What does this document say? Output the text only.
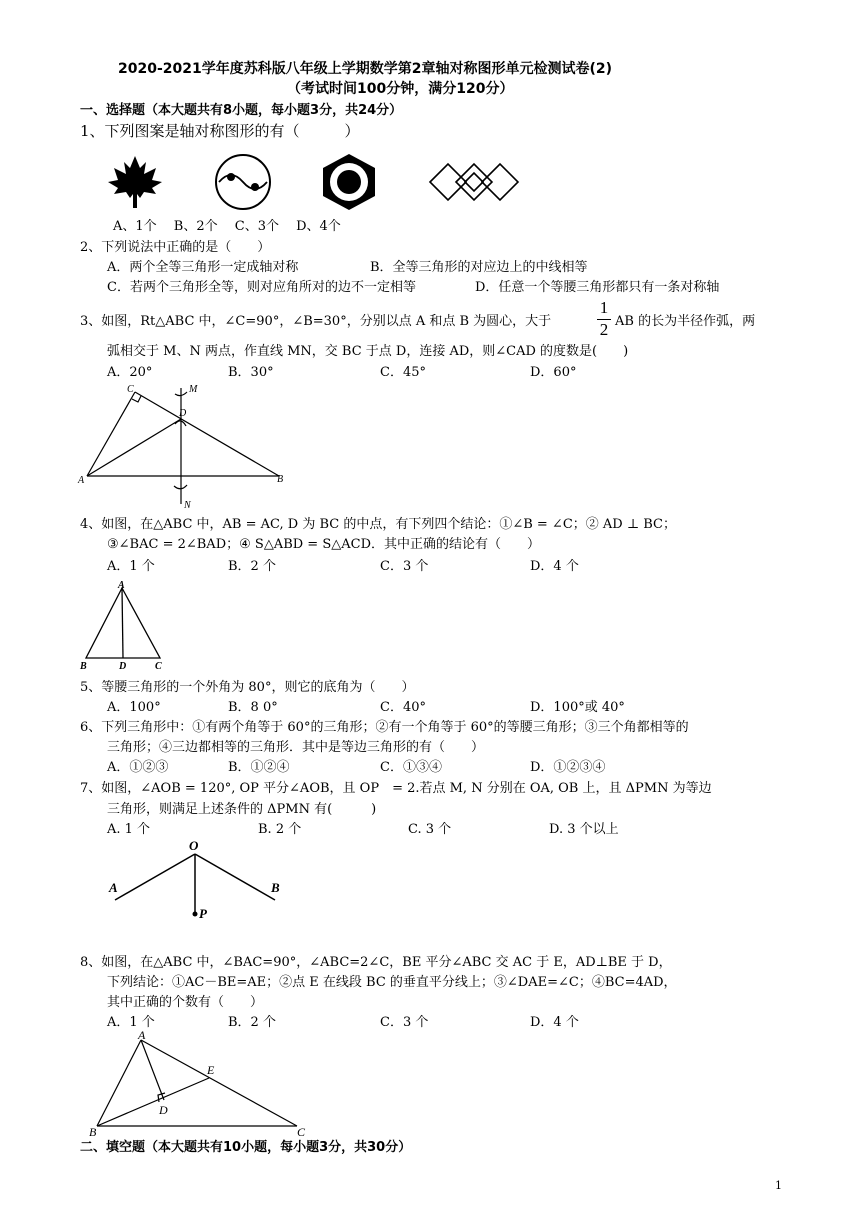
2020-2021学年度苏科版八年级上学期数学第2章轴对称图形单元检测试卷(2)
（考试时间100分钟，满分120分）
一、选择题（本大题共有8小题，每小题3分，共24分）
1、下列图案是轴对称图形的有（　　　）
A、1个　 B、2个　 C、3个　 D、4个
2、下列说法中正确的是（　　）
A．两个全等三角形一定成轴对称	B．全等三角形的对应边上的中线相等
C．若两个三角形全等，则对应角所对的边不一定相等	D．任意一个等腰三角形都只有一条对称轴
3、如图，Rt△ABC 中，∠C=90°，∠B=30°，分别以点 A 和点 B 为圆心，大于
1
2 AB 的长为半径作弧，两
弧相交于 M、N 两点，作直线 MN，交 BC 于点 D，连接 AD，则∠CAD 的度数是(　　)
A．20°	B．30°	C．45°	D．60°
C	M
D
A	B
N
4、如图，在△ABC 中，AB = AC, D 为 BC 的中点，有下列四个结论：①∠B = ∠C；② AD ⊥ BC；
③∠BAC = 2∠BAD；④ S△ABD = S△ACD．其中正确的结论有（　　）
A．1 个	B．2 个	C．3 个	D．4 个
A
B	D	C
5、等腰三角形的一个外角为 80°，则它的底角为（　　）
A．100°	B．8 0°	C．40°	D．100°或 40°
6、下列三角形中：①有两个角等于 60°的三角形；②有一个角等于 60°的等腰三角形；③三个角都相等的
三角形；④三边都相等的三角形．其中是等边三角形的有（　　）
A．①②③	B．①②④	C．①③④	D．①②③④
7、如图，∠AOB = 120°, OP 平分∠AOB，且 OP　= 2.若点 M, N 分别在 OA, OB 上，且 ΔPMN 为等边
三角形，则满足上述条件的 ΔPMN 有(　　　)
A. 1 个	B. 2 个	C. 3 个	D. 3 个以上
O
A	B
P
8、如图，在△ABC 中，∠BAC=90°，∠ABC=2∠C，BE 平分∠ABC 交 AC 于 E，AD⊥BE 于 D，
下列结论：①AC－BE=AE；②点 E 在线段 BC 的垂直平分线上；③∠DAE=∠C；④BC=4AD，
其中正确的个数有（　　）
A．1 个	B．2 个	C．3 个	D．4 个
A
E
D
B	C
二、填空题（本大题共有10小题，每小题3分，共30分）
1
